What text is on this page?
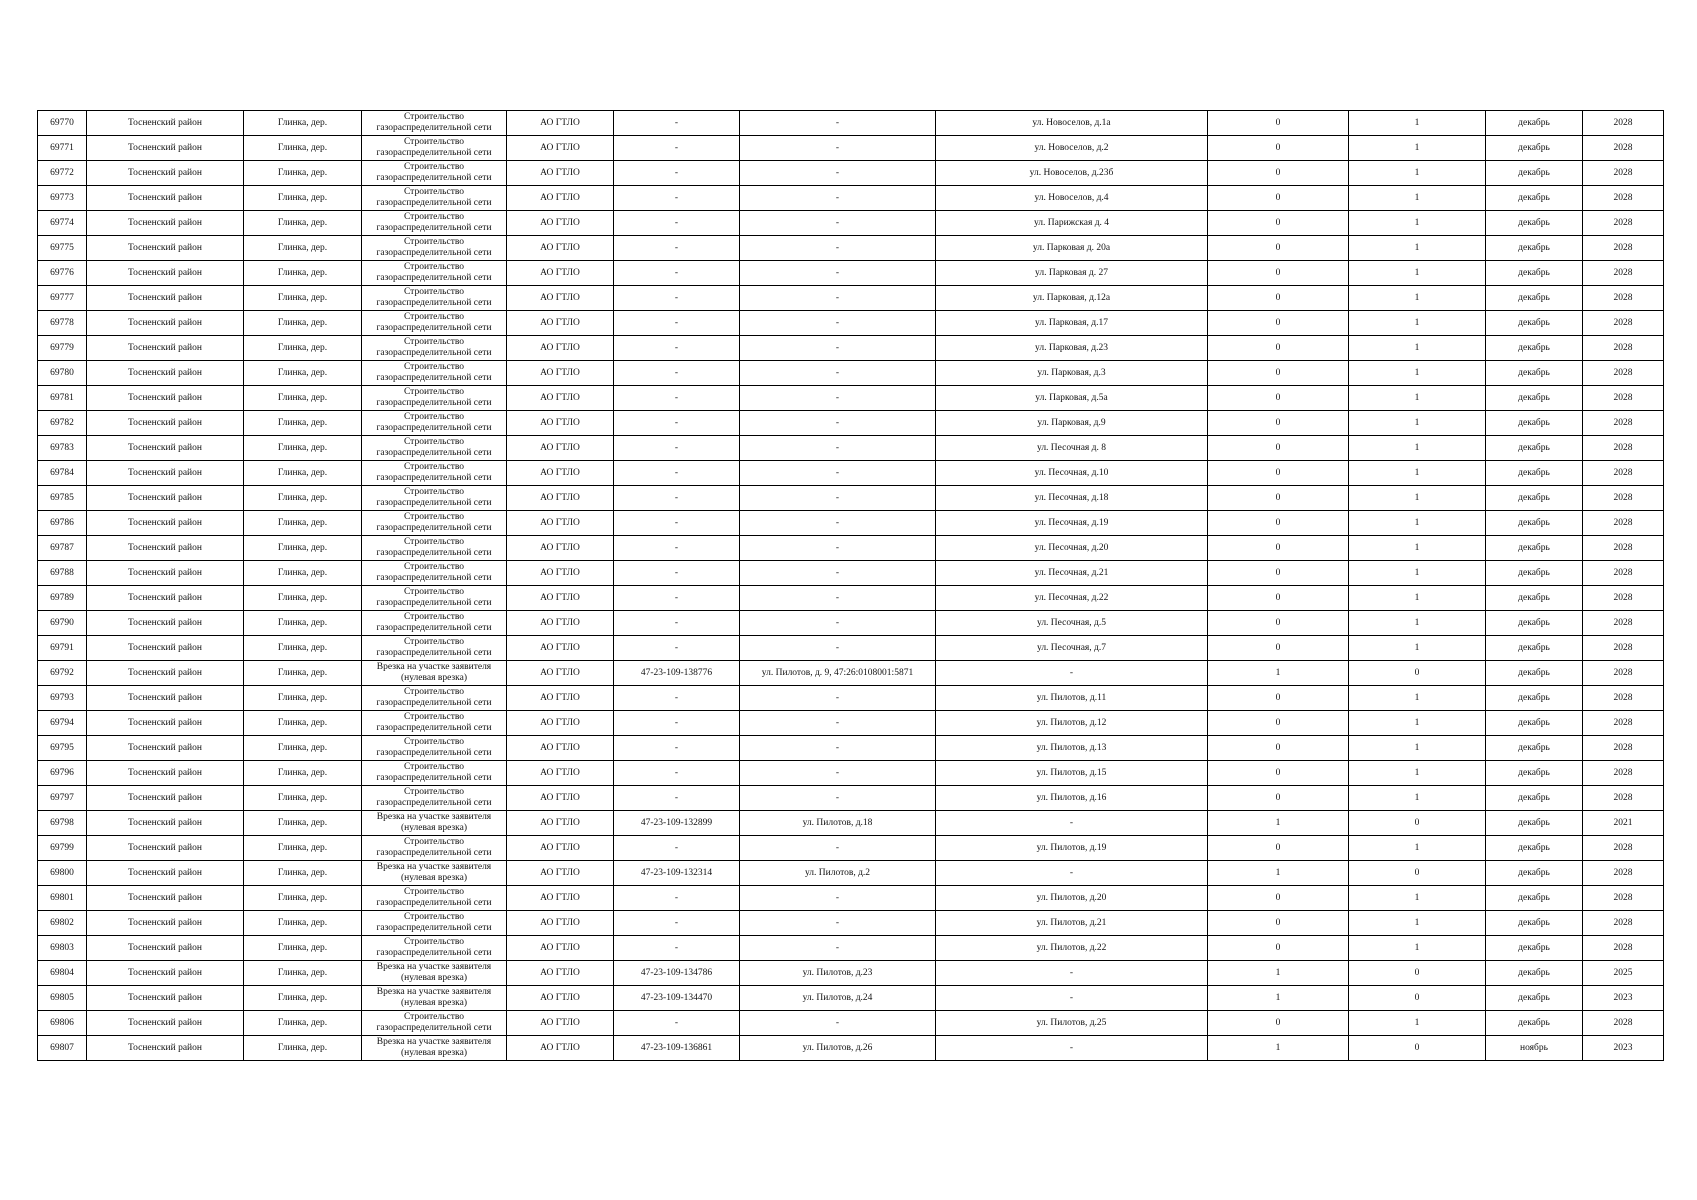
69770	Тосненский район	Глинка, дер.	Строительство газораспределительной сети	АО ГТЛО	-	-	ул. Новоселов, д.1а	0	1	декабрь	2028
69771	Тосненский район	Глинка, дер.	Строительство газораспределительной сети	АО ГТЛО	-	-	ул. Новоселов, д.2	0	1	декабрь	2028
69772	Тосненский район	Глинка, дер.	Строительство газораспределительной сети	АО ГТЛО	-	-	ул. Новоселов, д.23б	0	1	декабрь	2028
69773	Тосненский район	Глинка, дер.	Строительство газораспределительной сети	АО ГТЛО	-	-	ул. Новоселов, д.4	0	1	декабрь	2028
69774	Тосненский район	Глинка, дер.	Строительство газораспределительной сети	АО ГТЛО	-	-	ул. Парижская д. 4	0	1	декабрь	2028
69775	Тосненский район	Глинка, дер.	Строительство газораспределительной сети	АО ГТЛО	-	-	ул. Парковая д. 20а	0	1	декабрь	2028
69776	Тосненский район	Глинка, дер.	Строительство газораспределительной сети	АО ГТЛО	-	-	ул. Парковая д. 27	0	1	декабрь	2028
69777	Тосненский район	Глинка, дер.	Строительство газораспределительной сети	АО ГТЛО	-	-	ул. Парковая, д.12а	0	1	декабрь	2028
69778	Тосненский район	Глинка, дер.	Строительство газораспределительной сети	АО ГТЛО	-	-	ул. Парковая, д.17	0	1	декабрь	2028
69779	Тосненский район	Глинка, дер.	Строительство газораспределительной сети	АО ГТЛО	-	-	ул. Парковая, д.23	0	1	декабрь	2028
69780	Тосненский район	Глинка, дер.	Строительство газораспределительной сети	АО ГТЛО	-	-	ул. Парковая, д.3	0	1	декабрь	2028
69781	Тосненский район	Глинка, дер.	Строительство газораспределительной сети	АО ГТЛО	-	-	ул. Парковая, д.5а	0	1	декабрь	2028
69782	Тосненский район	Глинка, дер.	Строительство газораспределительной сети	АО ГТЛО	-	-	ул. Парковая, д.9	0	1	декабрь	2028
69783	Тосненский район	Глинка, дер.	Строительство газораспределительной сети	АО ГТЛО	-	-	ул. Песочная д. 8	0	1	декабрь	2028
69784	Тосненский район	Глинка, дер.	Строительство газораспределительной сети	АО ГТЛО	-	-	ул. Песочная, д.10	0	1	декабрь	2028
69785	Тосненский район	Глинка, дер.	Строительство газораспределительной сети	АО ГТЛО	-	-	ул. Песочная, д.18	0	1	декабрь	2028
69786	Тосненский район	Глинка, дер.	Строительство газораспределительной сети	АО ГТЛО	-	-	ул. Песочная, д.19	0	1	декабрь	2028
69787	Тосненский район	Глинка, дер.	Строительство газораспределительной сети	АО ГТЛО	-	-	ул. Песочная, д.20	0	1	декабрь	2028
69788	Тосненский район	Глинка, дер.	Строительство газораспределительной сети	АО ГТЛО	-	-	ул. Песочная, д.21	0	1	декабрь	2028
69789	Тосненский район	Глинка, дер.	Строительство газораспределительной сети	АО ГТЛО	-	-	ул. Песочная, д.22	0	1	декабрь	2028
69790	Тосненский район	Глинка, дер.	Строительство газораспределительной сети	АО ГТЛО	-	-	ул. Песочная, д.5	0	1	декабрь	2028
69791	Тосненский район	Глинка, дер.	Строительство газораспределительной сети	АО ГТЛО	-	-	ул. Песочная, д.7	0	1	декабрь	2028
69792	Тосненский район	Глинка, дер.	Врезка на участке заявителя (нулевая врезка)	АО ГТЛО	47-23-109-138776	ул. Пилотов, д. 9, 47:26:0108001:5871	-	1	0	декабрь	2028
69793	Тосненский район	Глинка, дер.	Строительство газораспределительной сети	АО ГТЛО	-	-	ул. Пилотов, д.11	0	1	декабрь	2028
69794	Тосненский район	Глинка, дер.	Строительство газораспределительной сети	АО ГТЛО	-	-	ул. Пилотов, д.12	0	1	декабрь	2028
69795	Тосненский район	Глинка, дер.	Строительство газораспределительной сети	АО ГТЛО	-	-	ул. Пилотов, д.13	0	1	декабрь	2028
69796	Тосненский район	Глинка, дер.	Строительство газораспределительной сети	АО ГТЛО	-	-	ул. Пилотов, д.15	0	1	декабрь	2028
69797	Тосненский район	Глинка, дер.	Строительство газораспределительной сети	АО ГТЛО	-	-	ул. Пилотов, д.16	0	1	декабрь	2028
69798	Тосненский район	Глинка, дер.	Врезка на участке заявителя (нулевая врезка)	АО ГТЛО	47-23-109-132899	ул. Пилотов, д.18	-	1	0	декабрь	2021
69799	Тосненский район	Глинка, дер.	Строительство газораспределительной сети	АО ГТЛО	-	-	ул. Пилотов, д.19	0	1	декабрь	2028
69800	Тосненский район	Глинка, дер.	Врезка на участке заявителя (нулевая врезка)	АО ГТЛО	47-23-109-132314	ул. Пилотов, д.2	-	1	0	декабрь	2028
69801	Тосненский район	Глинка, дер.	Строительство газораспределительной сети	АО ГТЛО	-	-	ул. Пилотов, д.20	0	1	декабрь	2028
69802	Тосненский район	Глинка, дер.	Строительство газораспределительной сети	АО ГТЛО	-	-	ул. Пилотов, д.21	0	1	декабрь	2028
69803	Тосненский район	Глинка, дер.	Строительство газораспределительной сети	АО ГТЛО	-	-	ул. Пилотов, д.22	0	1	декабрь	2028
69804	Тосненский район	Глинка, дер.	Врезка на участке заявителя (нулевая врезка)	АО ГТЛО	47-23-109-134786	ул. Пилотов, д.23	-	1	0	декабрь	2025
69805	Тосненский район	Глинка, дер.	Врезка на участке заявителя (нулевая врезка)	АО ГТЛО	47-23-109-134470	ул. Пилотов, д.24	-	1	0	декабрь	2023
69806	Тосненский район	Глинка, дер.	Строительство газораспределительной сети	АО ГТЛО	-	-	ул. Пилотов, д.25	0	1	декабрь	2028
69807	Тосненский район	Глинка, дер.	Врезка на участке заявителя (нулевая врезка)	АО ГТЛО	47-23-109-136861	ул. Пилотов, д.26	-	1	0	ноябрь	2023
